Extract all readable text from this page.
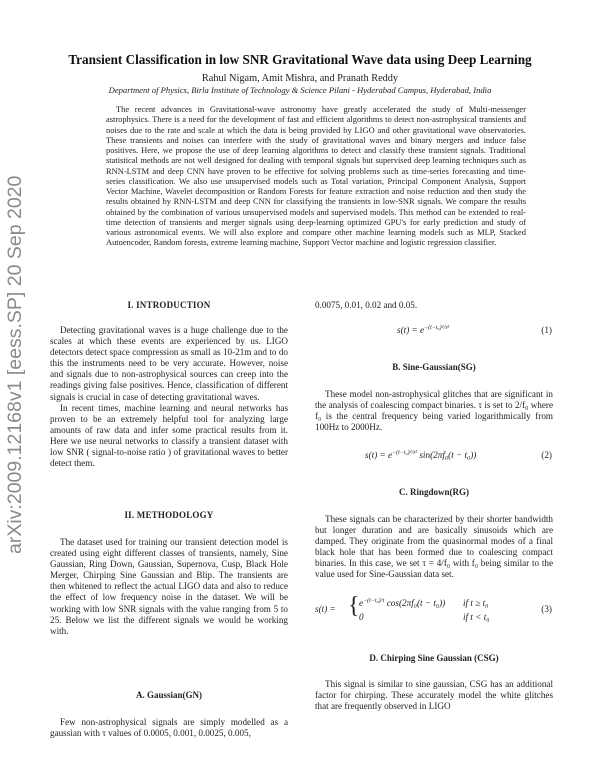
arXiv:2009.12168v1 [eess.SP] 20 Sep 2020
Transient Classification in low SNR Gravitational Wave data using Deep Learning
Rahul Nigam, Amit Mishra, and Pranath Reddy
Department of Physics, Birla Institute of Technology & Science Pilani - Hyderabad Campus, Hyderabad, India

The recent advances in Gravitational-wave astronomy have greatly accelerated the study of Multi-messenger astrophysics. There is a need for the development of fast and efficient algorithms to detect non-astrophysical transients and noises due to the rate and scale at which the data is being provided by LIGO and other gravitational wave observatories. These transients and noises can interfere with the study of gravitational waves and binary mergers and induce false positives. Here, we propose the use of deep learning algorithms to detect and classify these transient signals. Traditional statistical methods are not well designed for dealing with temporal signals but supervised deep learning techniques such as RNN-LSTM and deep CNN have proven to be effective for solving problems such as time-series forecasting and time-series classification. We also use unsupervised models such as Total variation, Principal Component Analysis, Support Vector Machine, Wavelet decomposition or Random Forests for feature extraction and noise reduction and then study the results obtained by RNN-LSTM and deep CNN for classifying the transients in low-SNR signals. We compare the results obtained by the combination of various unsupervised models and supervised models. This method can be extended to real-time detection of transients and merger signals using deep-learning optimized GPU's for early prediction and study of various astronomical events. We will also explore and compare other machine learning models such as MLP, Stacked Autoencoder, Random forests, extreme learning machine, Support Vector machine and logistic regression classifier.

I. INTRODUCTION

Detecting gravitational waves is a huge challenge due to the scales at which these events are experienced by us. LIGO detectors detect space compression as small as 10-21m and to do this the instruments need to be very accurate. However, noise and signals due to non-astrophysical sources can creep into the readings giving false positives. Hence, classification of different signals is crucial in case of detecting gravitational waves.

In recent times, machine learning and neural networks has proven to be an extremely helpful tool for analyzing large amounts of raw data and infer some practical results from it. Here we use neural networks to classify a transient dataset with low SNR ( signal-to-noise ratio ) of gravitational waves to better detect them.

II. METHODOLOGY

The dataset used for training our transient detection model is created using eight different classes of transients, namely, Sine Gaussian, Ring Down, Gaussian, Supernova, Cusp, Black Hole Merger, Chirping Sine Gaussian and Blip. The transients are then whitened to reflect the actual LIGO data and also to reduce the effect of low frequency noise in the dataset. We will be working with low SNR signals with the value ranging from 5 to 25. Below we list the different signals we would be working with.

A. Gaussian(GN)

Few non-astrophysical signals are simply modelled as a gaussian with τ values of 0.0005, 0.001, 0.0025, 0.005,

0.0075, 0.01, 0.02 and 0.05.
$s(t) = e^{-(t-t_0)^2/\tau^2}$	(1)
B. Sine-Gaussian(SG)

These model non-astrophysical glitches that are significant in the analysis of coalescing compact binaries. τ is set to 2/f₀ where f₀ is the central frequency being varied logarithmically from 100Hz to 2000Hz.

$s(t) = e^{-(t-t_0)^2/\tau^2}$ sin(2πf₀(t − t₀))	(2)
C. Ringdown(RG)

These signals can be characterized by their shorter bandwidth but longer duration and are basically sinusoids which are damped. They originate from the quasinormal modes of a final black hole that has been formed due to coalescing compact binaries. In this case, we set τ = 4/f₀ with f₀ being similar to the value used for Sine-Gaussian data set.

s(t) = { $e^{-(t-t_0)/\tau}$ cos(2πf₀(t − t₀))
0
if t ≥ t₀
if t < t₀
(3)
D. Chirping Sine Gaussian (CSG)

This signal is similar to sine gaussian, CSG has an additional factor for chirping. These accurately model the white glitches that are frequently observed in LIGO
